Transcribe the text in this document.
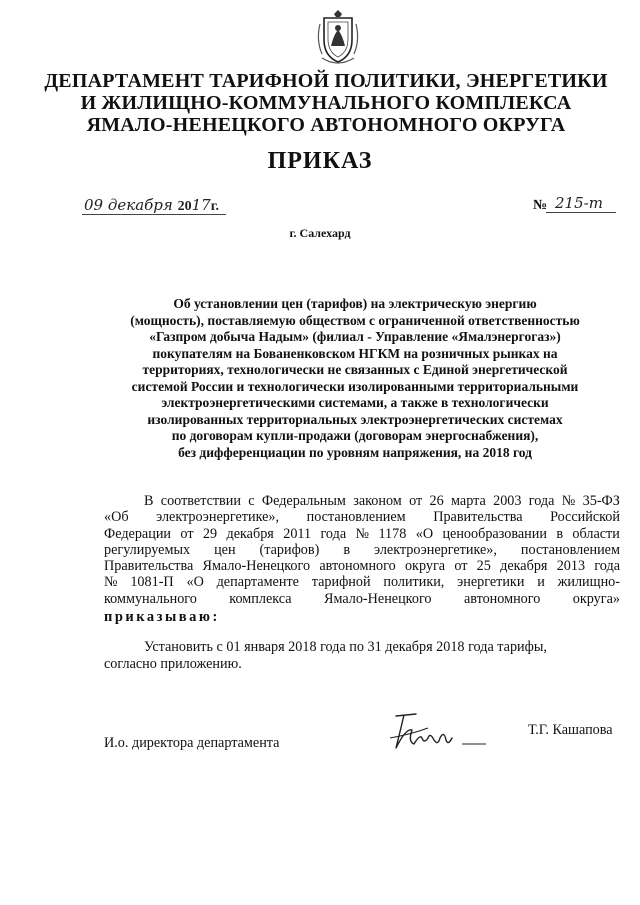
ДЕПАРТАМЕНТ ТАРИФНОЙ ПОЛИТИКИ, ЭНЕРГЕТИКИ
И ЖИЛИЩНО-КОММУНАЛЬНОГО КОМПЛЕКСА
ЯМАЛО-НЕНЕЦКОГО АВТОНОМНОГО ОКРУГА
ПРИКАЗ
09 декабря 2017г.	№ 215-т
г. Салехард
Об установлении цен (тарифов) на электрическую энергию
(мощность), поставляемую обществом с ограниченной ответственностью
«Газпром добыча Надым» (филиал - Управление «Ямалэнергогаз»)
покупателям на Бованенковском НГКМ на розничных рынках на
территориях, технологически не связанных с Единой энергетической
системой России и технологически изолированными территориальными
электроэнергетическими системами, а также в технологически
изолированных территориальных электроэнергетических системах
по договорам купли-продажи (договорам энергоснабжения),
без дифференциации по уровням напряжения, на 2018 год
В соответствии с Федеральным законом от 26 марта 2003 года № 35-ФЗ
«Об электроэнергетике», постановлением Правительства Российской
Федерации от 29 декабря 2011 года № 1178 «О ценообразовании в области
регулируемых цен (тарифов) в электроэнергетике», постановлением
Правительства Ямало-Ненецкого автономного округа от 25 декабря 2013 года
№ 1081-П «О департаменте тарифной политики, энергетики и жилищно-
коммунального комплекса Ямало-Ненецкого автономного округа»
приказываю:
Установить с 01 января 2018 года по 31 декабря 2018 года тарифы,
согласно приложению.
И.о. директора департамента
Т.Г. Кашапова
